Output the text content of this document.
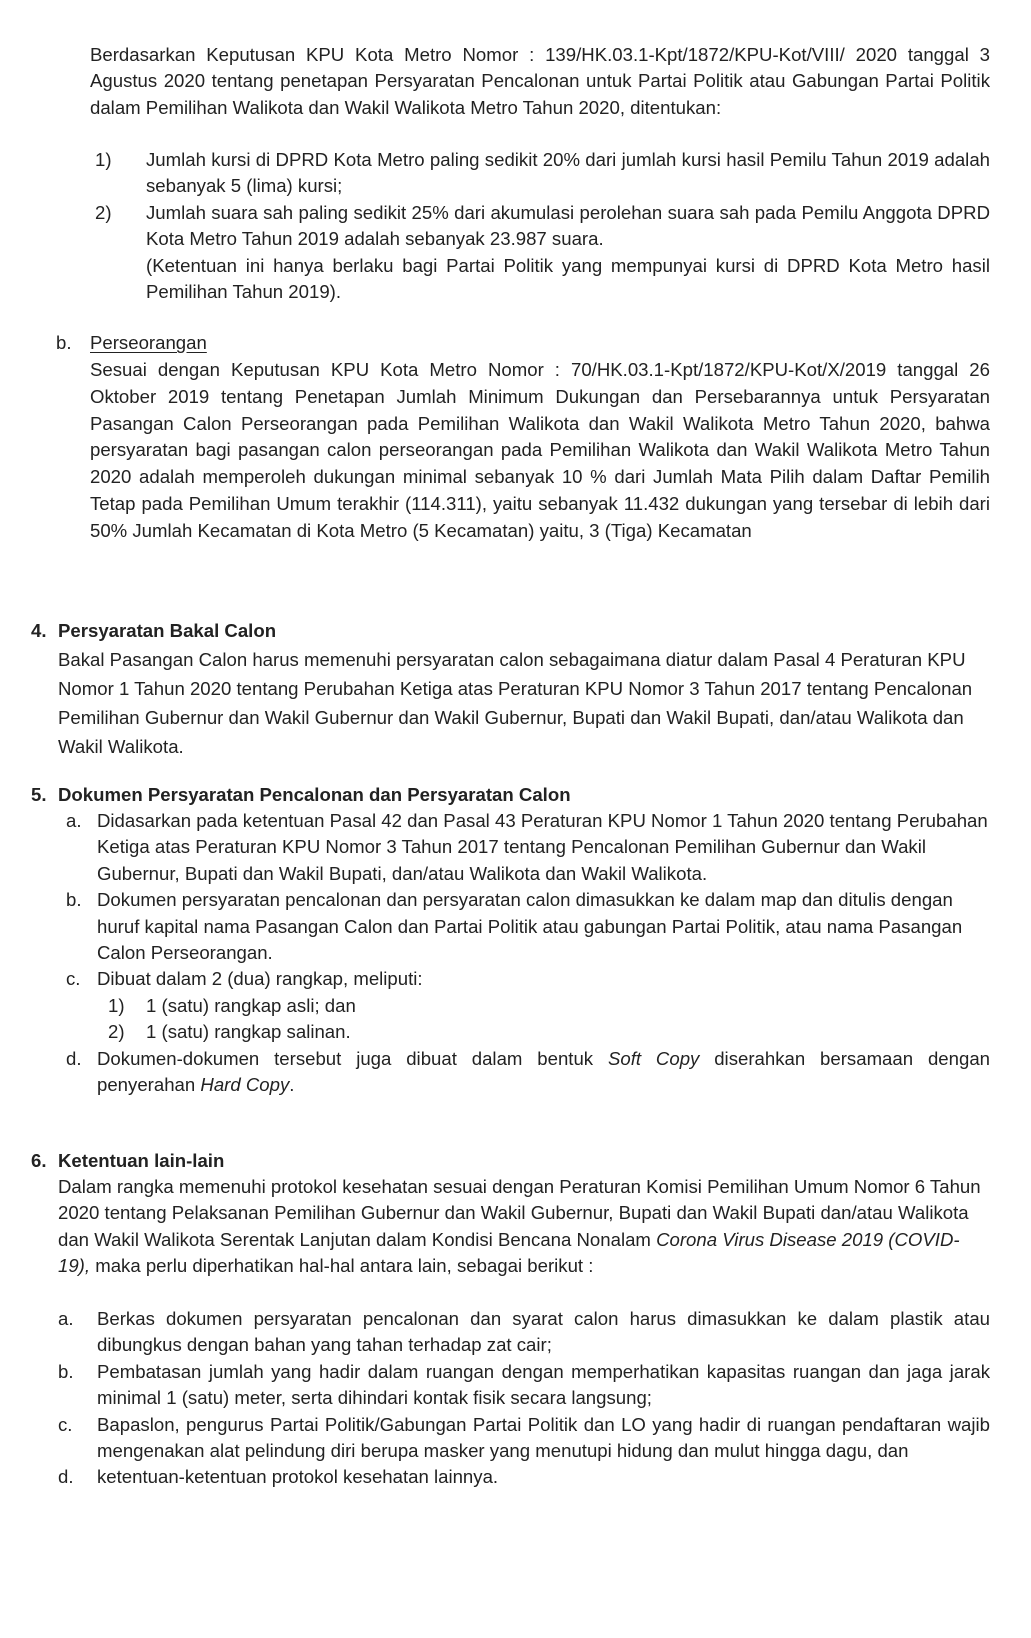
Berdasarkan Keputusan KPU Kota Metro Nomor : 139/HK.03.1-Kpt/1872/KPU-Kot/VIII/ 2020 tanggal 3 Agustus 2020 tentang penetapan Persyaratan Pencalonan untuk Partai Politik atau Gabungan Partai Politik dalam Pemilihan Walikota dan Wakil Walikota Metro Tahun 2020, ditentukan:
1) Jumlah kursi di DPRD Kota Metro paling sedikit 20% dari jumlah kursi hasil Pemilu Tahun 2019 adalah sebanyak 5 (lima) kursi;
2) Jumlah suara sah paling sedikit 25% dari akumulasi perolehan suara sah pada Pemilu Anggota DPRD Kota Metro Tahun 2019 adalah sebanyak 23.987 suara.
(Ketentuan ini hanya berlaku bagi Partai Politik yang mempunyai kursi di DPRD Kota Metro hasil Pemilihan Tahun 2019).
b. Perseorangan
Sesuai dengan Keputusan KPU Kota Metro Nomor : 70/HK.03.1-Kpt/1872/KPU-Kot/X/2019 tanggal 26 Oktober 2019 tentang Penetapan Jumlah Minimum Dukungan dan Persebarannya untuk Persyaratan Pasangan Calon Perseorangan pada Pemilihan Walikota dan Wakil Walikota Metro Tahun 2020, bahwa persyaratan bagi pasangan calon perseorangan pada Pemilihan Walikota dan Wakil Walikota Metro Tahun 2020 adalah memperoleh dukungan minimal sebanyak 10 % dari Jumlah Mata Pilih dalam Daftar Pemilih Tetap pada Pemilihan Umum terakhir (114.311), yaitu sebanyak 11.432 dukungan yang tersebar di lebih dari 50% Jumlah Kecamatan di Kota Metro (5 Kecamatan) yaitu, 3 (Tiga) Kecamatan
4. Persyaratan Bakal Calon
Bakal Pasangan Calon harus memenuhi persyaratan calon sebagaimana diatur dalam Pasal 4 Peraturan KPU Nomor 1 Tahun 2020 tentang Perubahan Ketiga atas Peraturan KPU Nomor 3 Tahun 2017 tentang Pencalonan Pemilihan Gubernur dan Wakil Gubernur dan Wakil Gubernur, Bupati dan Wakil Bupati, dan/atau Walikota dan Wakil Walikota.
5. Dokumen Persyaratan Pencalonan dan Persyaratan Calon
a. Didasarkan pada ketentuan Pasal 42 dan Pasal 43 Peraturan KPU Nomor 1 Tahun 2020 tentang Perubahan Ketiga atas Peraturan KPU Nomor 3 Tahun 2017 tentang Pencalonan Pemilihan Gubernur dan Wakil Gubernur, Bupati dan Wakil Bupati, dan/atau Walikota dan Wakil Walikota.
b. Dokumen persyaratan pencalonan dan persyaratan calon dimasukkan ke dalam map dan ditulis dengan huruf kapital nama Pasangan Calon dan Partai Politik atau gabungan Partai Politik, atau nama Pasangan Calon Perseorangan.
c. Dibuat dalam 2 (dua) rangkap, meliputi:
1) 1 (satu) rangkap asli; dan
2) 1 (satu) rangkap salinan.
d. Dokumen-dokumen tersebut juga dibuat dalam bentuk Soft Copy diserahkan bersamaan dengan penyerahan Hard Copy.
6. Ketentuan lain-lain
Dalam rangka memenuhi protokol kesehatan sesuai dengan Peraturan Komisi Pemilihan Umum Nomor 6 Tahun 2020 tentang Pelaksanan Pemilihan Gubernur dan Wakil Gubernur, Bupati dan Wakil Bupati dan/atau Walikota dan Wakil Walikota Serentak Lanjutan dalam Kondisi Bencana Nonalam Corona Virus Disease 2019 (COVID-19), maka perlu diperhatikan hal-hal antara lain, sebagai berikut :
a. Berkas dokumen persyaratan pencalonan dan syarat calon harus dimasukkan ke dalam plastik atau dibungkus dengan bahan yang tahan terhadap zat cair;
b. Pembatasan jumlah yang hadir dalam ruangan dengan memperhatikan kapasitas ruangan dan jaga jarak minimal 1 (satu) meter, serta dihindari kontak fisik secara langsung;
c. Bapaslon, pengurus Partai Politik/Gabungan Partai Politik dan LO yang hadir di ruangan pendaftaran wajib mengenakan alat pelindung diri berupa masker yang menutupi hidung dan mulut hingga dagu, dan
d. ketentuan-ketentuan protokol kesehatan lainnya.
